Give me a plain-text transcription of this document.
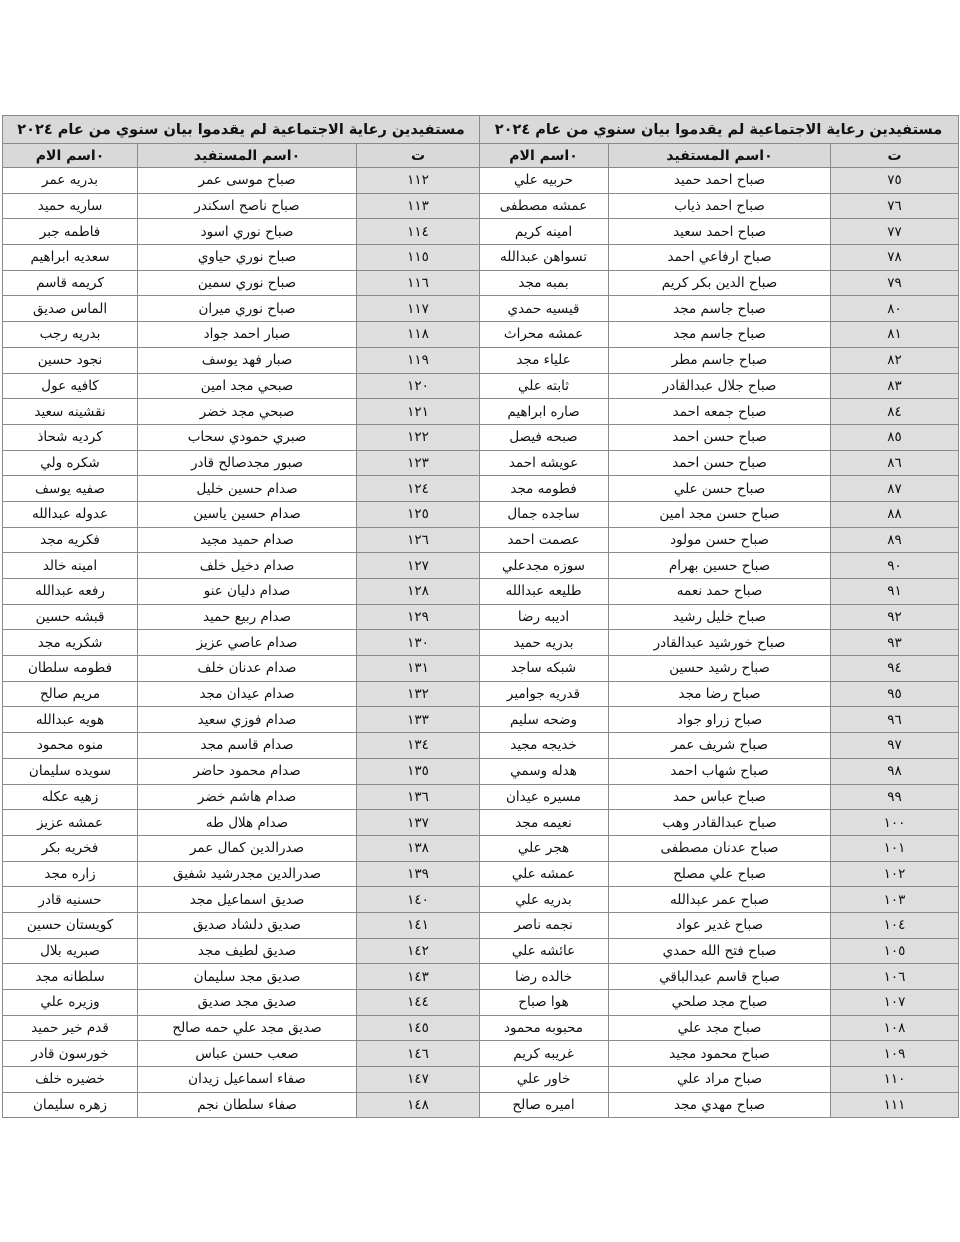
مستفيدين رعاية الاجتماعية لم يقدموا بيان سنوي من عام ٢٠٢٤		
ت	٠اسم المستفيد	٠اسم الام
٧٥	صباح احمد حميد	حربيه علي
٧٦	صباح احمد ذياب	عمشه مصطفى
٧٧	صباح احمد سعيد	امينه كريم
٧٨	صباح ارفاعي احمد	تسواهن عبدالله
٧٩	صباح الدين بكر كريم	بمبه مجد
٨٠	صباح جاسم مجد	قيسيه حمدي
٨١	صباح جاسم مجد	عمشه محراث
٨٢	صباح جاسم مطر	علياء مجد
٨٣	صباح جلال عبدالقادر	ثابته علي
٨٤	صباح جمعه احمد	صاره ابراهيم
٨٥	صباح حسن احمد	صبحه فيصل
٨٦	صباح حسن احمد	عويشه احمد
٨٧	صباح حسن علي	فطومه مجد
٨٨	صباح حسن مجد امين	ساجده جمال
٨٩	صباح حسن مولود	عصمت احمد
٩٠	صباح حسين بهرام	سوزه مجدعلي
٩١	صباح حمد نعمه	طليعه عبدالله
٩٢	صباح خليل رشيد	اديبه رضا
٩٣	صباح خورشيد عبدالقادر	بدريه حميد
٩٤	صباح رشيد حسين	شبكه ساجد
٩٥	صباح رضا مجد	قدريه جوامير
٩٦	صباح زراو جواد	وضحه سليم
٩٧	صباح شريف عمر	خديجه مجيد
٩٨	صباح شهاب احمد	هدله وسمي
٩٩	صباح عباس حمد	مسيره عيدان
١٠٠	صباح عبدالقادر وهب	نعيمه مجد
١٠١	صباح عدنان مصطفى	هجر علي
١٠٢	صباح علي مصلح	عمشه علي
١٠٣	صباح عمر عبدالله	بدريه علي
١٠٤	صباح غدير عواد	نجمه ناصر
١٠٥	صباح فتح الله حمدي	عائشه علي
١٠٦	صباح قاسم عبدالباقي	خالده رضا
١٠٧	صباح مجد صلحي	هوا صباح
١٠٨	صباح مجد علي	محبوبه محمود
١٠٩	صباح محمود مجيد	غريبه كريم
١١٠	صباح مراد علي	خاور علي
١١١	صباح مهدي مجد	اميره صالح
مستفيدين رعاية الاجتماعية لم يقدموا بيان سنوي من عام ٢٠٢٤		
ت	٠اسم المستفيد	٠اسم الام
١١٢	صباح موسى عمر	بدريه عمر
١١٣	صباح ناصح اسكندر	ساريه حميد
١١٤	صباح نوري اسود	فاطمه جبر
١١٥	صباح نوري حياوي	سعديه ابراهيم
١١٦	صباح نوري سمين	كريمه قاسم
١١٧	صباح نوري ميران	الماس صديق
١١٨	صبار احمد جواد	بدريه رجب
١١٩	صبار فهد يوسف	نجود حسين
١٢٠	صبحي مجد امين	كافيه عول
١٢١	صبحي مجد خضر	نقشينه سعيد
١٢٢	صبري حمودي سحاب	كرديه شحاذ
١٢٣	صبور مجدصالح قادر	شكره ولي
١٢٤	صدام حسين خليل	صفيه يوسف
١٢٥	صدام حسين ياسين	عدوله عبدالله
١٢٦	صدام حميد مجيد	فكريه مجد
١٢٧	صدام دخيل خلف	امينه خالد
١٢٨	صدام دليان عنو	رفعه عبدالله
١٢٩	صدام ربيع حميد	قبشه حسين
١٣٠	صدام عاصي عزيز	شكريه مجد
١٣١	صدام عدنان خلف	فطومه سلطان
١٣٢	صدام عيدان مجد	مريم صالح
١٣٣	صدام فوزي سعيد	هويه عبدالله
١٣٤	صدام قاسم مجد	منوه محمود
١٣٥	صدام محمود حاضر	سويده سليمان
١٣٦	صدام هاشم خضر	زهيه عكله
١٣٧	صدام هلال طه	عمشه عزيز
١٣٨	صدرالدين كمال عمر	فخريه بكر
١٣٩	صدرالدين مجدرشيد شفيق	زاره مجد
١٤٠	صديق اسماعيل مجد	حسنيه قادر
١٤١	صديق دلشاد صديق	كويستان حسين
١٤٢	صديق لطيف مجد	صبريه بلال
١٤٣	صديق مجد سليمان	سلطانه مجد
١٤٤	صديق مجد صديق	وزيره علي
١٤٥	صديق مجد علي حمه صالح	قدم خير حميد
١٤٦	صعب حسن عباس	خورسون قادر
١٤٧	صفاء اسماعيل زيدان	خضيره خلف
١٤٨	صفاء سلطان نجم	زهره سليمان
